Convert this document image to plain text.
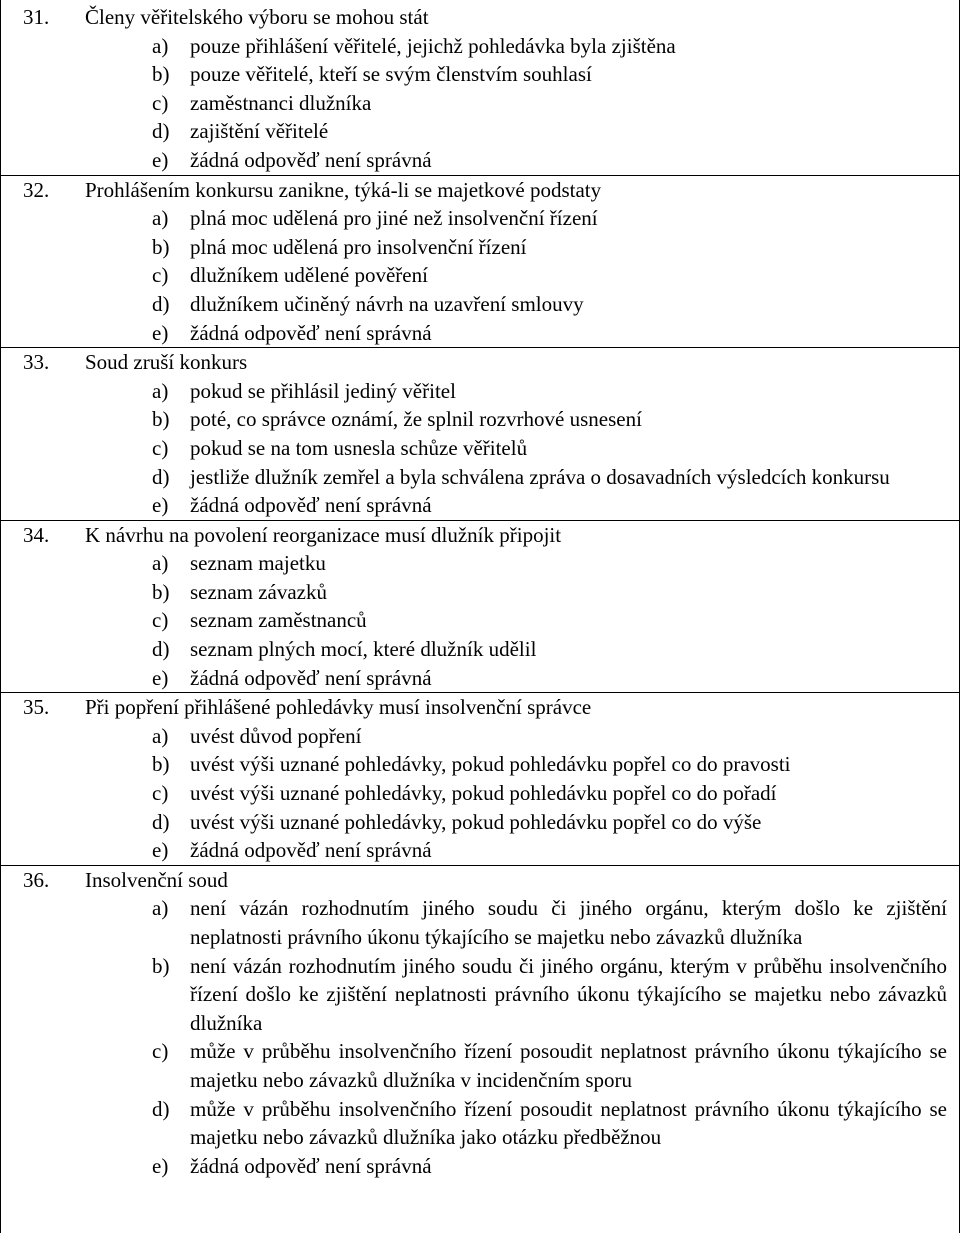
31.	Členy věřitelského výboru se mohou stát
a)	pouze přihlášení věřitelé, jejichž pohledávka byla zjištěna
b) pouze věřitelé, kteří se svým členstvím souhlasí
c)	zaměstnanci dlužníka
d) zajištění věřitelé
e)	žádná odpověď není správná
32.	Prohlášením konkursu zanikne, týká-li se majetkové podstaty
a)	plná moc udělená pro jiné než insolvenční řízení
b) plná moc udělená pro insolvenční řízení
c)	dlužníkem udělené pověření
d) dlužníkem učiněný návrh na uzavření smlouvy
e)	žádná odpověď není správná
33.	Soud zruší konkurs
a)	pokud se přihlásil jediný věřitel
b) poté, co správce oznámí, že splnil rozvrhové usnesení
c)	pokud se na tom usnesla schůze věřitelů
d) jestliže dlužník zemřel a byla schválena zpráva o dosavadních výsledcích konkursu
e)	žádná odpověď není správná
34.	K návrhu na povolení reorganizace musí dlužník připojit
a)	seznam majetku
b) seznam závazků
c)	seznam zaměstnanců
d) seznam plných mocí, které dlužník udělil
e)	žádná odpověď není správná
35.	Při popření přihlášené pohledávky musí insolvenční správce
a)	uvést důvod popření
b) uvést výši uznané pohledávky, pokud pohledávku popřel co do pravosti
c)	uvést výši uznané pohledávky, pokud pohledávku popřel co do pořadí
d) uvést výši uznané pohledávky, pokud pohledávku popřel co do výše
e)	žádná odpověď není správná
36.	Insolvenční soud
a)	není vázán rozhodnutím jiného soudu či jiného orgánu, kterým došlo ke zjištění neplatnosti právního úkonu týkajícího se majetku nebo závazků dlužníka
b) není vázán rozhodnutím jiného soudu či jiného orgánu, kterým v průběhu insolvenčního řízení došlo ke zjištění neplatnosti právního úkonu týkajícího se majetku nebo závazků dlužníka
c)	může v průběhu insolvenčního řízení posoudit neplatnost právního úkonu týkajícího se majetku nebo závazků dlužníka v incidenčním sporu
d) může v průběhu insolvenčního řízení posoudit neplatnost právního úkonu týkajícího se majetku nebo závazků dlužníka jako otázku předběžnou
e)	žádná odpověď není správná
